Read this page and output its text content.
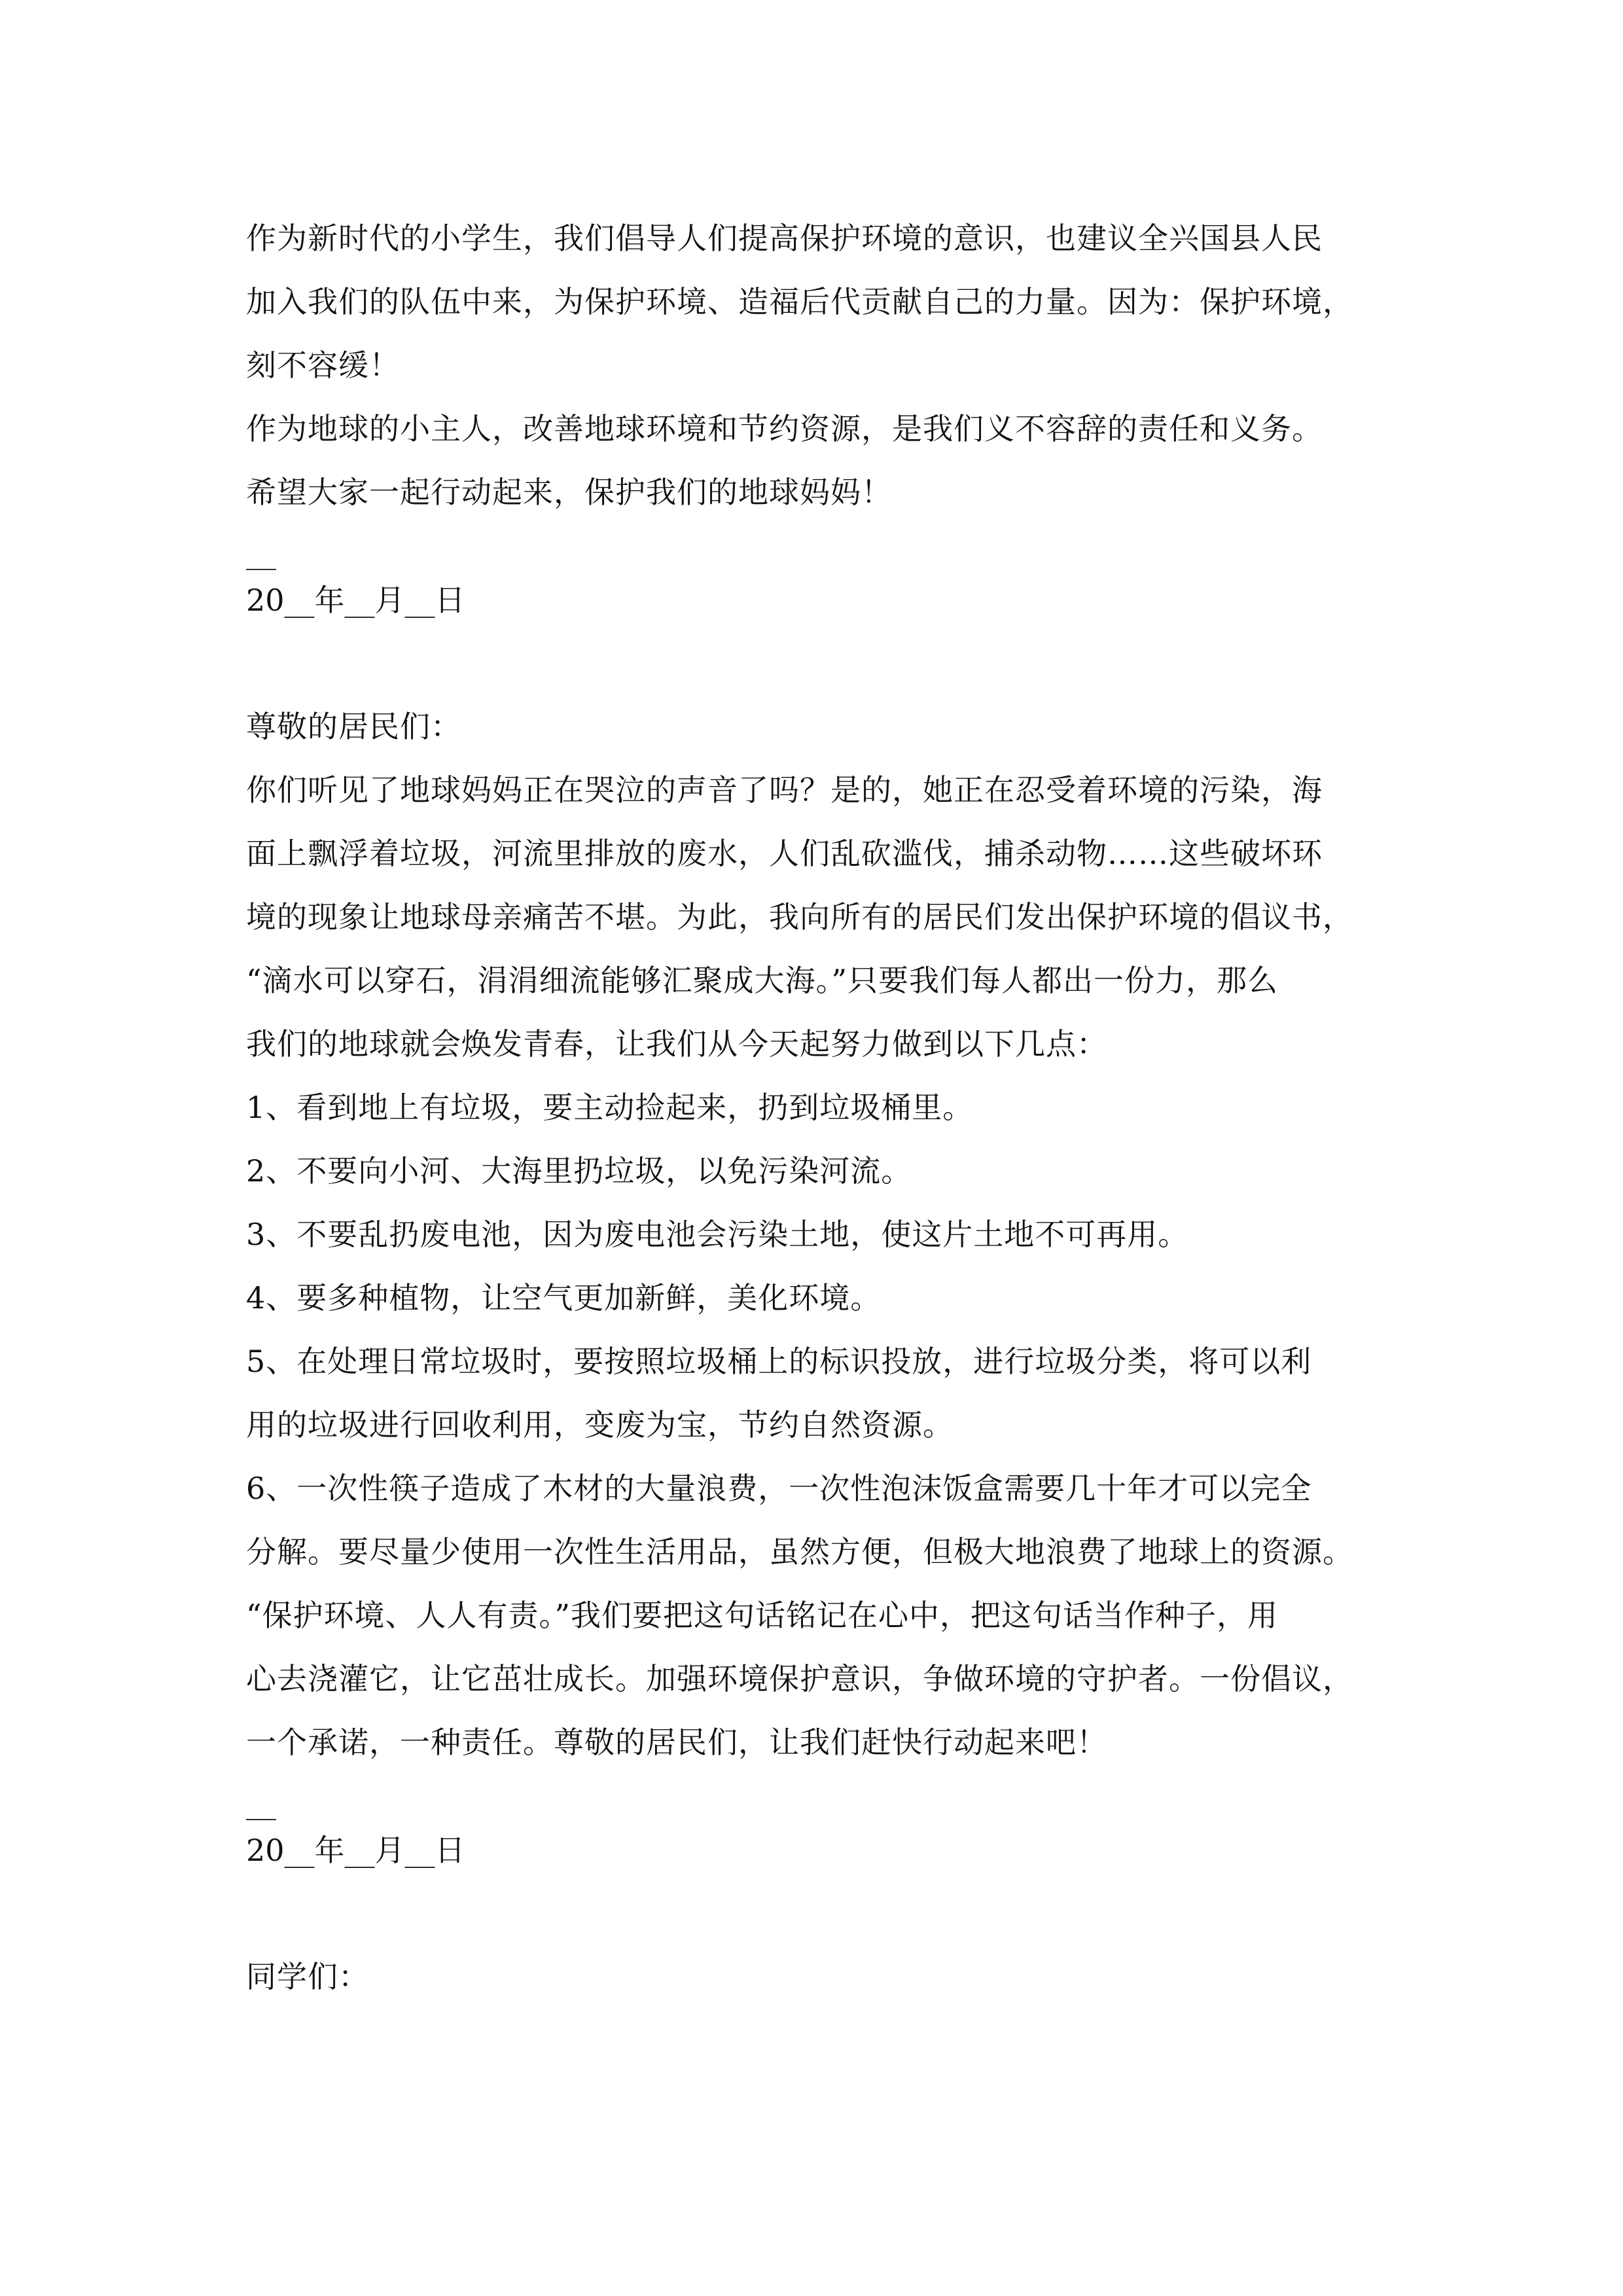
作为新时代的小学生，我们倡导人们提高保护环境的意识，也建议全兴国县人民
加入我们的队伍中来，为保护环境、造福后代贡献自己的力量。因为：保护环境，
刻不容缓！
作为地球的小主人，改善地球环境和节约资源，是我们义不容辞的责任和义务。
希望大家一起行动起来，保护我们的地球妈妈！
__
20__年__月__日
尊敬的居民们：
你们听见了地球妈妈正在哭泣的声音了吗？是的，她正在忍受着环境的污染，海
面上飘浮着垃圾，河流里排放的废水，人们乱砍滥伐，捕杀动物……这些破坏环
境的现象让地球母亲痛苦不堪。为此，我向所有的居民们发出保护环境的倡议书，
“滴水可以穿石，涓涓细流能够汇聚成大海。”只要我们每人都出一份力，那么
我们的地球就会焕发青春，让我们从今天起努力做到以下几点：
1、看到地上有垃圾，要主动捡起来，扔到垃圾桶里。
2、不要向小河、大海里扔垃圾，以免污染河流。
3、不要乱扔废电池，因为废电池会污染土地，使这片土地不可再用。
4、要多种植物，让空气更加新鲜，美化环境。
5、在处理日常垃圾时，要按照垃圾桶上的标识投放，进行垃圾分类，将可以利
用的垃圾进行回收利用，变废为宝，节约自然资源。
6、一次性筷子造成了木材的大量浪费，一次性泡沫饭盒需要几十年才可以完全
分解。要尽量少使用一次性生活用品，虽然方便，但极大地浪费了地球上的资源。
“保护环境、人人有责。”我们要把这句话铭记在心中，把这句话当作种子，用
心去浇灌它，让它茁壮成长。加强环境保护意识，争做环境的守护者。一份倡议，
一个承诺，一种责任。尊敬的居民们，让我们赶快行动起来吧！
__
20__年__月__日
同学们：
